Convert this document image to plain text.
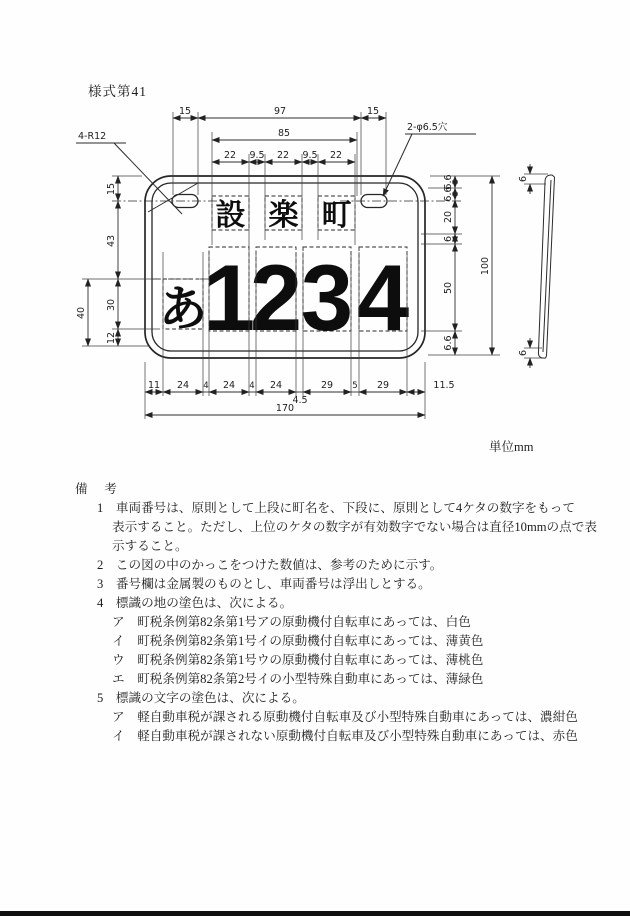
様式第41
設 楽 町
あ
1
2
3 4
15	97	15
85
22 9.5 22 9.5 22
4-R12
15
43
30
12
40
2-φ6.5穴
6.6
6.6
20
6
50
6.6
100
11 24 4 24 4 24
4.5
29 5 29	11.5
170
6
6
単位mm
備　考
1　車両番号は、原則として上段に町名を、下段に、原則として4ケタの数字をもって
表示すること。ただし、上位のケタの数字が有効数字でない場合は直径10mmの点で表
示すること。
2　この図の中のかっこをつけた数値は、参考のために示す。
3　番号欄は金属製のものとし、車両番号は浮出しとする。
4　標識の地の塗色は、次による。
ア　町税条例第82条第1号アの原動機付自転車にあっては、白色
イ　町税条例第82条第1号イの原動機付自転車にあっては、薄黄色
ウ　町税条例第82条第1号ウの原動機付自転車にあっては、薄桃色
エ　町税条例第82条第2号イの小型特殊自動車にあっては、薄緑色
5　標識の文字の塗色は、次による。
ア　軽自動車税が課される原動機付自転車及び小型特殊自動車にあっては、濃紺色
イ　軽自動車税が課されない原動機付自転車及び小型特殊自動車にあっては、赤色
